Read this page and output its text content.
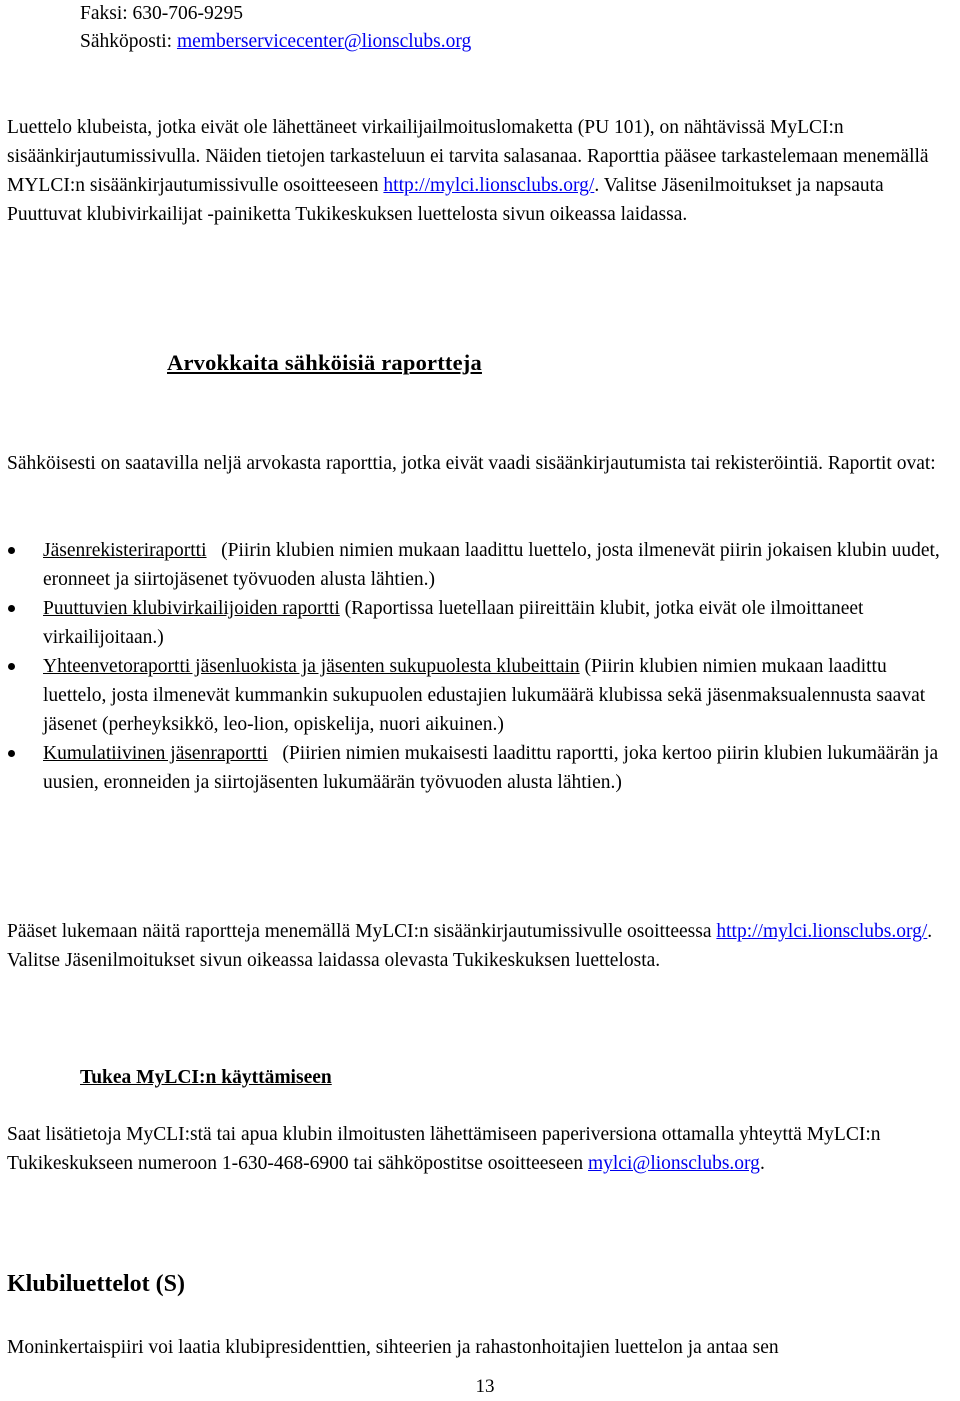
Faksi: 630-706-9295
Sähköposti: memberservicecenter@lionsclubs.org

Luettelo klubeista, jotka eivät ole lähettäneet virkailijailmoituslomaketta (PU 101), on nähtävissä MyLCI:n sisäänkirjautumissivulla. Näiden tietojen tarkasteluun ei tarvita salasanaa. Raporttia pääsee tarkastelemaan menemällä MYLCI:n sisäänkirjautumissivulle osoitteeseen http://mylci.lionsclubs.org/. Valitse Jäsenilmoitukset ja napsauta Puuttuvat klubivirkailijat -painiketta Tukikeskuksen luettelosta sivun oikeassa laidassa.

Arvokkaita sähköisiä raportteja

Sähköisesti on saatavilla neljä arvokasta raporttia, jotka eivät vaadi sisäänkirjautumista tai rekisteröintiä. Raportit ovat:

Jäsenrekisteriraportti (Piirin klubien nimien mukaan laadittu luettelo, josta ilmenevät piirin jokaisen klubin uudet, eronneet ja siirtojäsenet työvuoden alusta lähtien.)
Puuttuvien klubivirkailijoiden raportti (Raportissa luetellaan piireittäin klubit, jotka eivät ole ilmoittaneet virkailijoitaan.)
Yhteenvetoraportti jäsenluokista ja jäsenten sukupuolesta klubeittain (Piirin klubien nimien mukaan laadittu luettelo, josta ilmenevät kummankin sukupuolen edustajien lukumäärä klubissa sekä jäsenmaksualennusta saavat jäsenet (perheyksikkö, leo-lion, opiskelija, nuori aikuinen.)
Kumulatiivinen jäsenraportti (Piirien nimien mukaisesti laadittu raportti, joka kertoo piirin klubien lukumäärän ja uusien, eronneiden ja siirtojäsenten lukumäärän työvuoden alusta lähtien.)

Pääset lukemaan näitä raportteja menemällä MyLCI:n sisäänkirjautumissivulle osoitteessa http://mylci.lionsclubs.org/. Valitse Jäsenilmoitukset sivun oikeassa laidassa olevasta Tukikeskuksen luettelosta.

Tukea MyLCI:n käyttämiseen

Saat lisätietoja MyCLI:stä tai apua klubin ilmoitusten lähettämiseen paperiversiona ottamalla yhteyttä MyLCI:n Tukikeskukseen numeroon 1-630-468-6900 tai sähköpostitse osoitteeseen mylci@lionsclubs.org.

Klubiluettelot (S)

Moninkertaispiiri voi laatia klubipresidenttien, sihteerien ja rahastonhoitajien luettelon ja antaa sen

13
